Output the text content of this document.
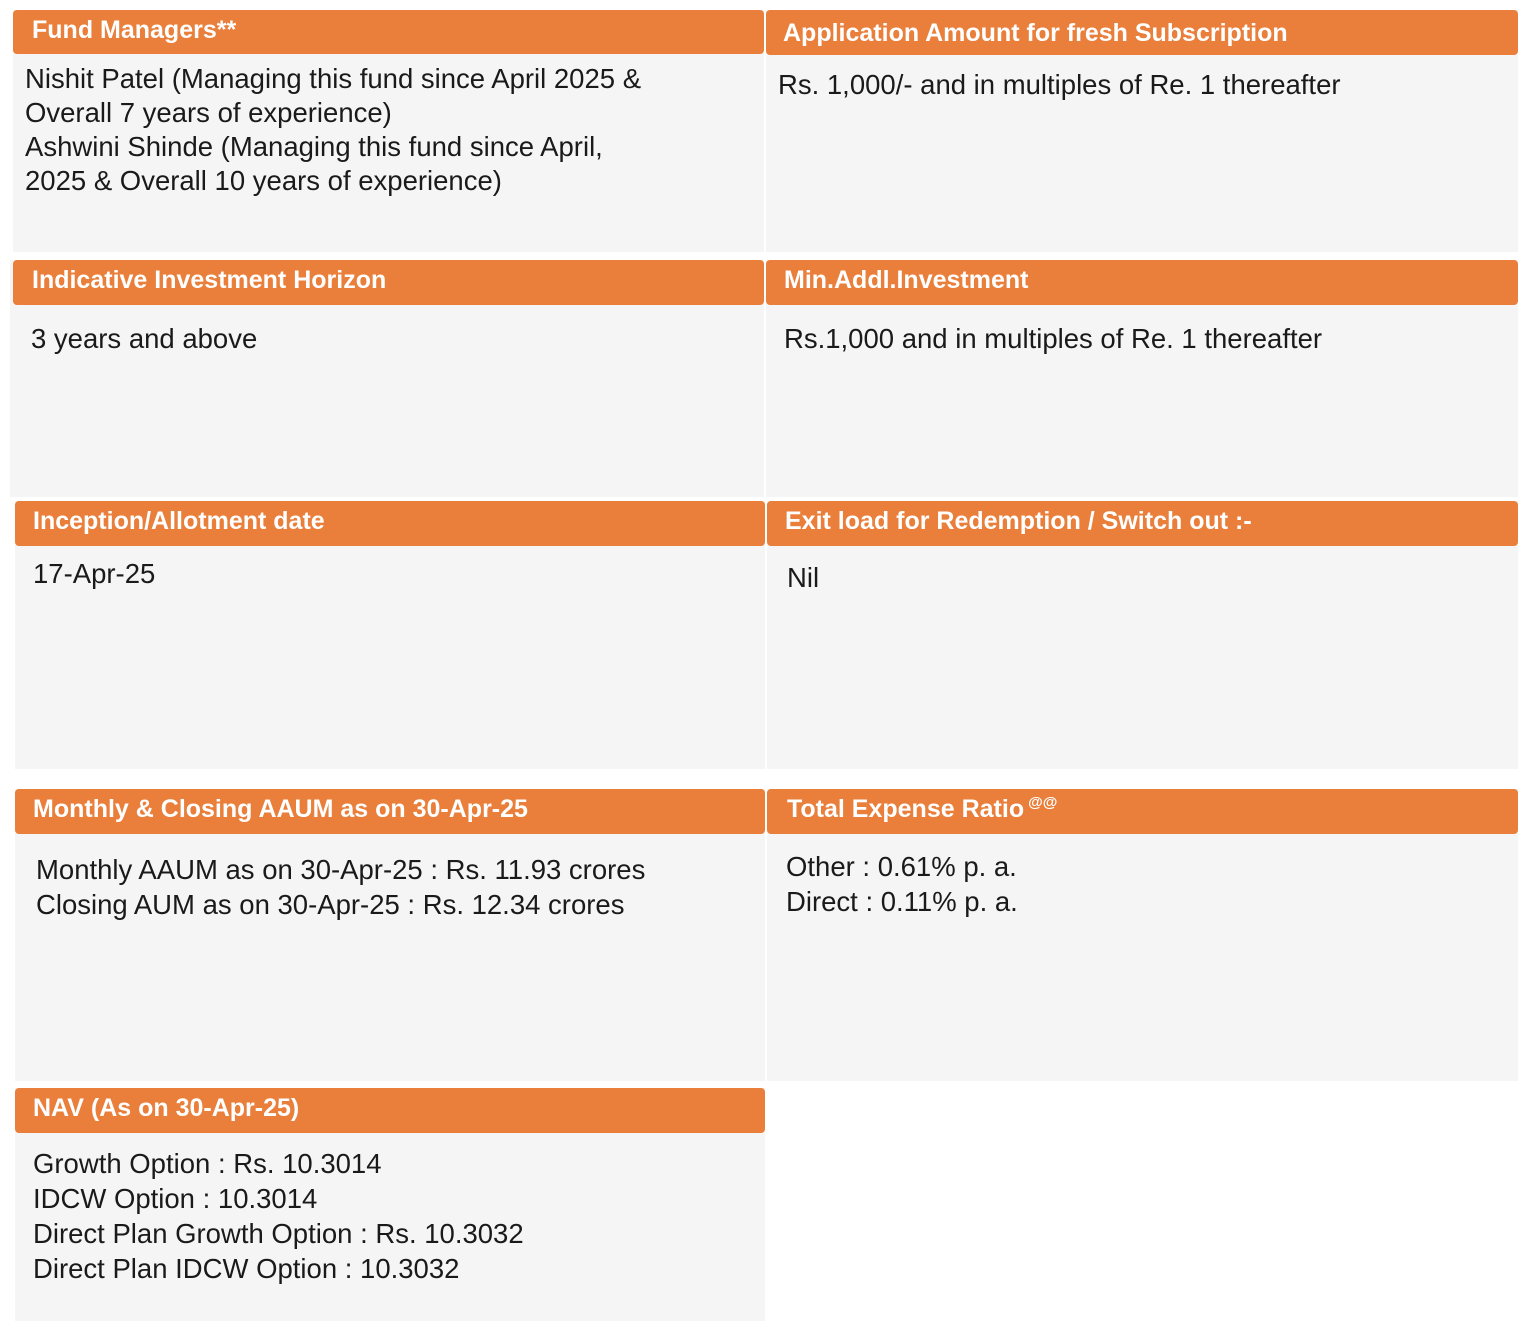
Fund Managers**
Nishit Patel (Managing this fund since April 2025 &
Overall 7 years of experience)
Ashwini Shinde (Managing this fund since April,
2025 & Overall 10 years of experience)
Application Amount for fresh Subscription
Rs. 1,000/- and in multiples of Re. 1 thereafter
Indicative Investment Horizon
3 years and above
Min.Addl.Investment
Rs.1,000 and in multiples of Re. 1 thereafter
Inception/Allotment date
17-Apr-25
Exit load for Redemption / Switch out :-
Nil
Monthly & Closing AAUM as on 30-Apr-25
Monthly AAUM as on 30-Apr-25 : Rs. 11.93 crores
Closing AUM as on 30-Apr-25 : Rs. 12.34 crores
Total Expense Ratio @@
Other : 0.61% p. a.
Direct : 0.11% p. a.
NAV (As on 30-Apr-25)
Growth Option : Rs. 10.3014
IDCW Option : 10.3014
Direct Plan Growth Option : Rs. 10.3032
Direct Plan IDCW Option : 10.3032
